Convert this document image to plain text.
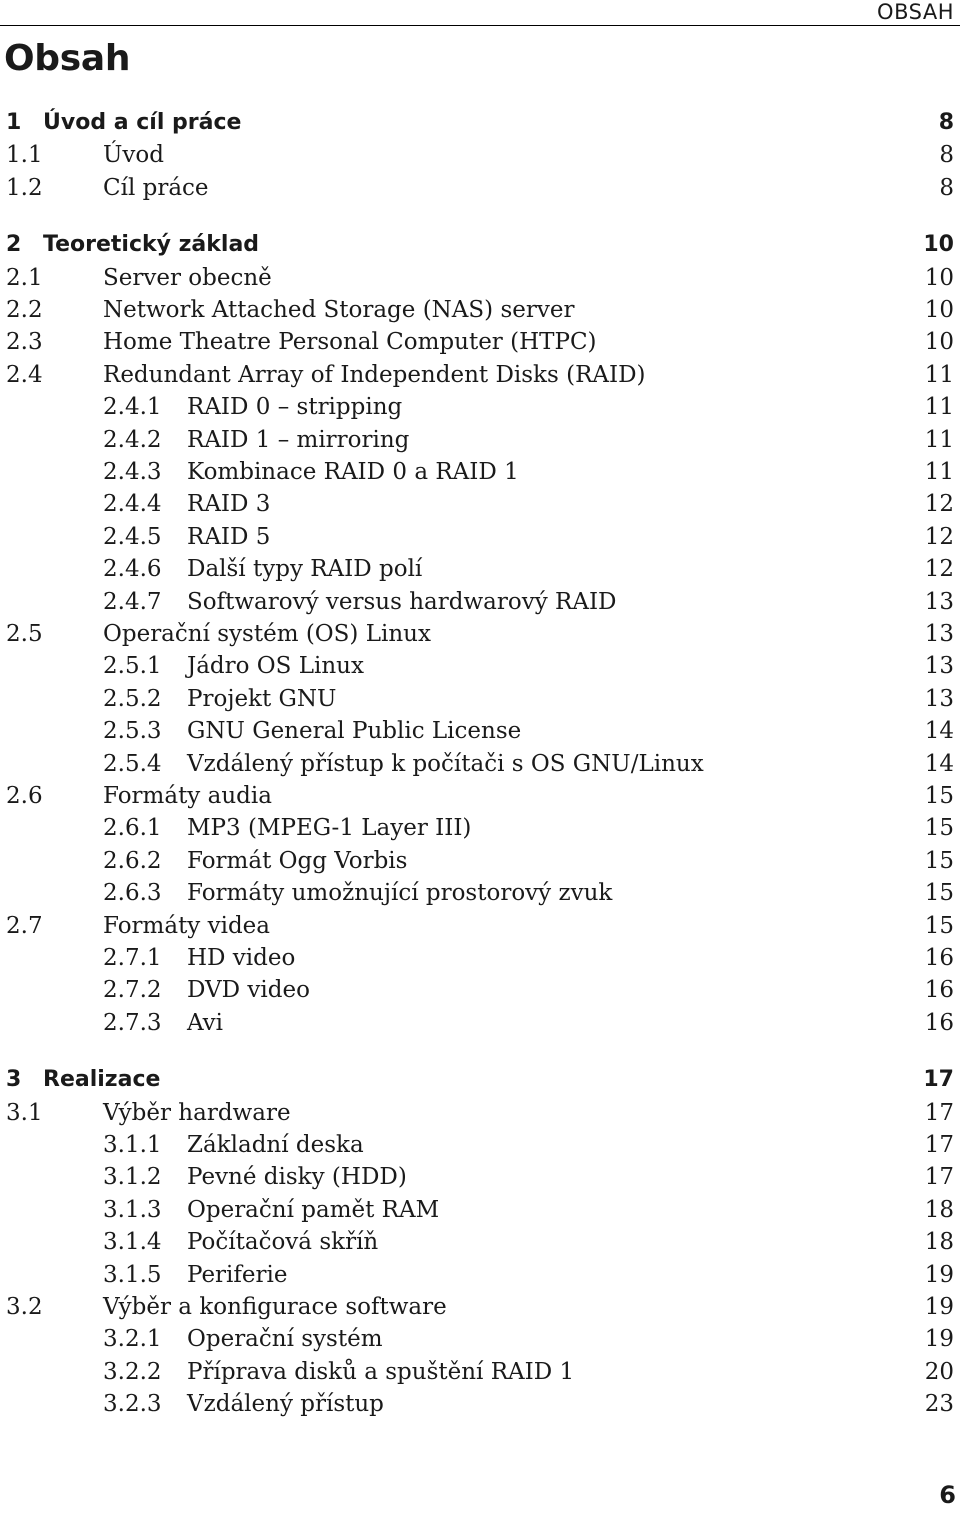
OBSAH
Obsah
1 Úvod a cíl práce	8
1.1	Úvod	8
1.2	Cíl práce	8
2 Teoretický základ	10
2.1	Server obecně	10
2.2	Network Attached Storage (NAS) server	10
2.3	Home Theatre Personal Computer (HTPC)	10
2.4	Redundant Array of Independent Disks (RAID)	11
2.4.1 RAID 0 – stripping	11
2.4.2 RAID 1 – mirroring	11
2.4.3 Kombinace RAID 0 a RAID 1	11
2.4.4 RAID 3	12
2.4.5 RAID 5	12
2.4.6 Další typy RAID polí	12
2.4.7 Softwarový versus hardwarový RAID	13
2.5	Operační systém (OS) Linux	13
2.5.1 Jádro OS Linux	13
2.5.2 Projekt GNU	13
2.5.3 GNU General Public License	14
2.5.4 Vzdálený přístup k počítači s OS GNU/Linux	14
2.6	Formáty audia	15
2.6.1 MP3 (MPEG-1 Layer III)	15
2.6.2 Formát Ogg Vorbis	15
2.6.3 Formáty umožnující prostorový zvuk	15
2.7	Formáty videa	15
2.7.1 HD video	16
2.7.2 DVD video	16
2.7.3 Avi	16
3 Realizace	17
3.1	Výběr hardware	17
3.1.1 Základní deska	17
3.1.2 Pevné disky (HDD)	17
3.1.3 Operační pamět RAM	18
3.1.4 Počítačová skříň	18
3.1.5 Periferie	19
3.2	Výběr a konfigurace software	19
3.2.1 Operační systém	19
3.2.2 Příprava disků a spuštění RAID 1	20
3.2.3 Vzdálený přístup	23
6
